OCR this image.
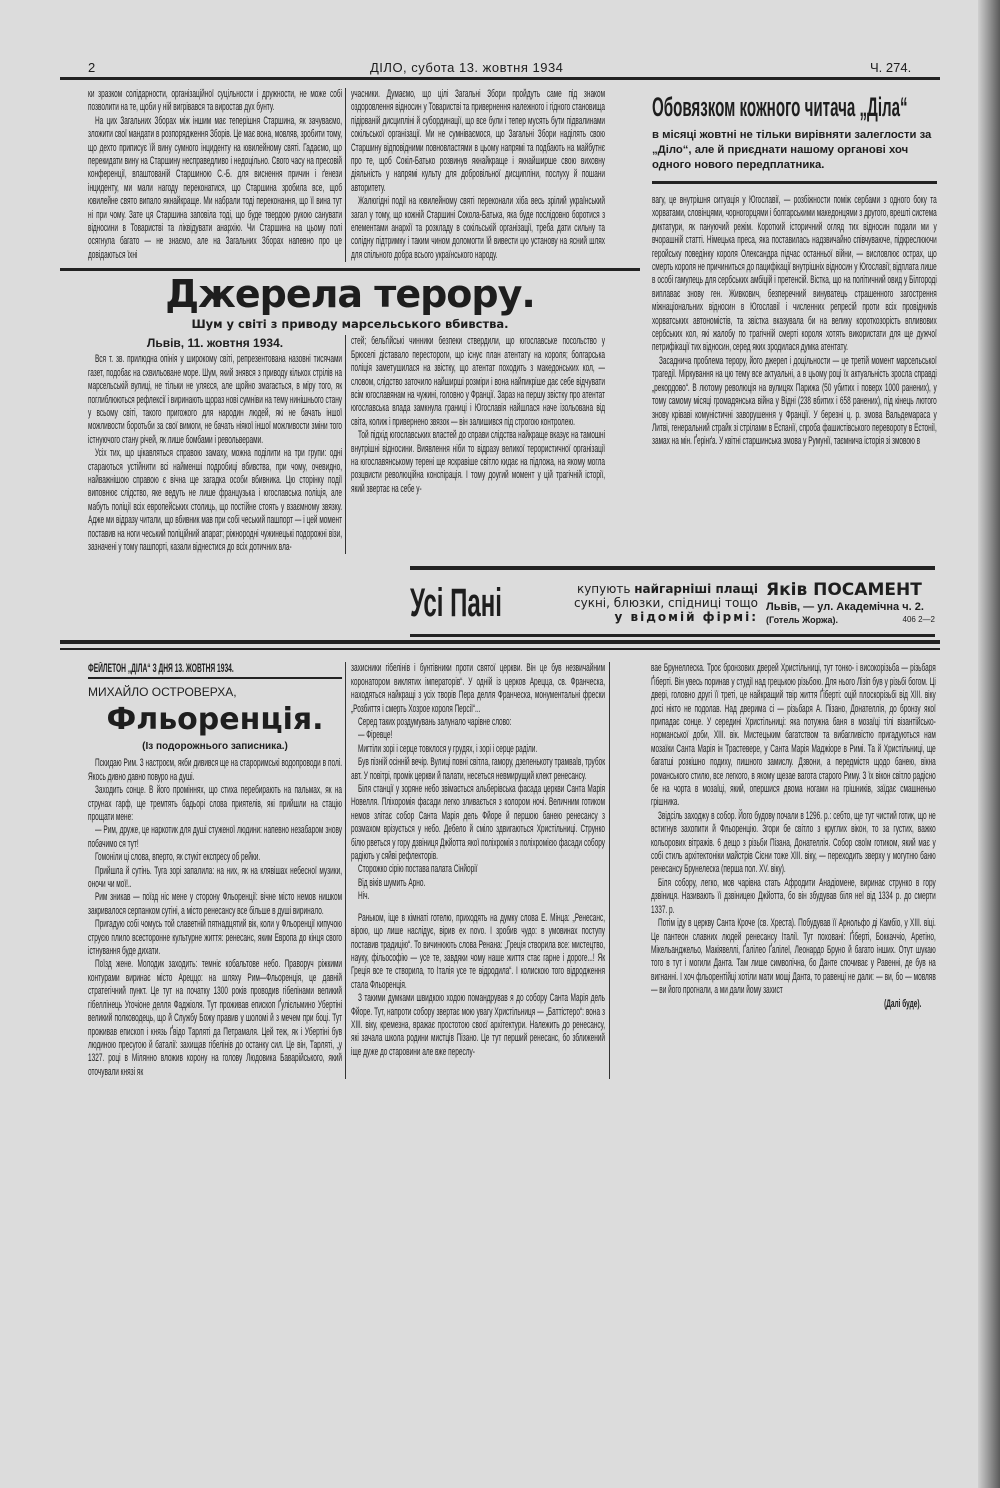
2	ДІЛО, субота 13. жовтня 1934	Ч. 274.

ки зразком солідарности, організаційної суцільности і дружности, не може собі позволити на те, щоби у ній вигрівався та виростав дух бунту.

На цих Загальних Зборах між іншим має теперішня Старшина, як зачуваємо, зложити свої мандати в розпорядження Зборів. Це має вона, мовляв, зробити тому, що дехто приписує їй вину сумного інциденту на ювилейному святі. Гадаємо, що перекидати вину на Старшину несправедливо і недоцільно. Свого часу на пресовій конференції, влаштованій Старшиною С.-Б. для виснення причин і ґенези інциденту, ми мали нагоду переконатися, що Старшина зробила все, щоб ювилейне свято випало якнайкраще. Ми набрали тоді переконання, що її вина тут ні при чому. Зате ця Старшина заповіла тоді, що буде твердою рукою санувати відносини в Товаристві та ліквідувати анархію. Чи Старшина на цьому полі осягнула багато — не знаємо, але на Загальних Зборах напевно про це довідаються їхні

учасники. Думаємо, що цілі Загальні Збори пройдуть саме під знаком оздоровлення відносин у Товаристві та привернення належного і гідного становища підірваній дисципліні й субординації, що все були і тепер мусять бути підвалинами сокільської організації. Ми не сумніваємося, що Загальні Збори наділять свою Старшину відповідними повновластями в цьому напрямі та подбають на майбутнє про те, щоб Сокіл-Батько розвинув якнайкраще і якнайширше свою виховну діяльність у напрямі культу для добровільної дисципліни, послуху й пошани авторитету.

Жалюгідні події на ювилейному святі переконали хіба весь зрілий український загал у тому, що кожній Старшині Сокола-Батька, яка буде послідовно боротися з елементами анархії та розкладу в сокільській організації, треба дати сильну та солідну підтримку і таким чином доломогти їй вивести цю установу на ясний шлях для спільного добра всього українського народу.

Джерела терору.
Шум у світі з приводу марсельського вбивства.
Львів, 11. жовтня 1934.

Вся т. зв. прилюдна опінія у широкому світі, репрезентована назовні тисячами газет, подобає на схвильоване море. Шум, який знявся з приводу кількох стрілів на марсельській вулиці, не тільки не уляєся, але щойно змагається, в міру того, як поглиблюються рефлексії і виринають щораз нові сумніви на тему нинішнього стану у всьому світі, такого пригожого для народин людей, які не бачать іншої можливости боротьби за свої вимоги, не бачать ніякої іншої можливости зміни того істнуючого стану річей, як лише бомбами і револьверами.

Усіх тих, що цікавляться справою замаху, можна поділити на три групи: одні стараються устійнити всі найменші подробиці вбивства, при чому, очевидно, найважнішою справою є вічна ще загадка особи вбивника. Цю сторінку події виповнює слідство, яке ведуть не лише французька і югославська поліція, але мабуть поліції всіх европейських столиць, що постійне стоять у взаємному звязку. Адже ми відразу читали, що вбивник мав при собі чеський пашпорт — і цей момент поставив на ноги чеський поліційний апарат; ріжнородні чужинецькі подорожні візи, зазначені у тому пашпорті, казали віднестися до всіх дотичних вла-

стей; бельґійські чинники безпеки ствердили, що югославське посольство у Брюселі діставало перестороги, що існує план атентату на короля; болгарська поліція заметушилася на звістку, що атентат походить з македонських кол, — словом, слідство заточило найширші розміри і вона найпикріше дає себе відчувати всім югославянам на чужині, головно у Франції. Зараз на першу звістку про атентат югославська влада замкнула границі і Югославія найшлася наче ізольована від світа, колиж і привернено звязок — він залишився під строгою контролею.

Той підхід югославських властей до справи слідства найкраще вказує на тамошні внутрішні відносини. Виявлення ніби то відразу великої терористичної організації на югославянському терені ще яскравіше світло кидає на підложа, на якому могла розцвисти революційна конспірація. І тому доугий момент у цій трагічній історії, який звертає на себе у-

Обовязком кожного читача „Діла“
в місяці жовтні не тільки вирівняти залеглости за „Діло“, але й приєднати нашому органові хоч одного нового передплатника.

вагу, це внутрішня ситуація у Югославії, — розбіжности поміж сербами з одного боку та хорватами, словінцями, чорногорцями і болгарськими македонцями з другого, врешті система диктатури, як пануючий режім. Короткий історичний огляд тих відносин подали ми у вчорашній статті. Німецька преса, яка поставилась надзвичайно співчуваюче, підкреслюючи геройську поведінку короля Олександра підчас останньої війни, — висловлює острах, що смерть короля не причиниться до пацифікації внутрішніх відносин у Югославії; відплата лише в особі гамулець для сербських амбіцій і претенсій. Вістка, що на політичний овид у Білгороді виплаває знову ген. Живкович, безперечний винуватець страшенного загострення міжнаціональних відносин в Югославії і численних репресій проти всіх провідників хорватських автономістів, та звістка вказувала би на велику короткозорість впливових сербських кол, які жалобу по трагічній смерті короля хотять використати для ще дужчої петрифікації тих відносин, серед яких зродилася думка атентату.

Засаднича проблема терору, його джерел і доцільности — це третій момент марсельської трагедії. Міркування на цю тему все актуальні, а в цьому році їх актуальність зросла справді „рекордово“. В лютому революція на вулицях Парижа (50 убитих і поверх 1000 ранених), у тому самому місяці громадянська війна у Відні (238 вбитих і 658 ранених), під кінець лютого знову кріваві комуністичні заворушення у Франції. У березні ц. р. змова Вальдемараса у Литві, генеральний страйк зі стрілами в Еспанії, спроба фашистівського перевороту в Естонії, замах на мін. Ґерінґа. У квітні старшинська змова у Румунії, таємнича історія зі змовою в

Усі Пані	купують найгарніші плащі
сукні, блюзки, спідниці тощо
у відомій фірмі:
Яків ПОСАМЕНТ
Львів, — ул. Академічна ч. 2.
(Готель Жоржа).	406 2—2
ФЕЙЛЕТОН „ДІЛА“ З ДНЯ 13. ЖОВТНЯ 1934.
МИХАЙЛО ОСТРОВЕРХА,
Фльоренція.
(Із подорожнього записника.)

Пскидаю Рим. З настроєм, якби дивився ще на староримські водопроводи в полі. Якось дивно давно повуро на душі.

Заходить сонце. В його проміннях, що стиха перебирають на пальмах, як на струнах гарф, ще тремтять бадьорі слова приятелів, які прийшли на стацію прощати мене:

— Рим, друже, це наркотик для душі стуженої людини: напевно незабаром знову побачимо ся тут!

Гомоніли ці слова, вперто, як стукіт експресу об рейки.

Прийшла й сутінь. Туга зорі запалила: на них, як на клявішах небесної музики, оночи чи мої!..

Рим зникав — поїзд ніс мене у сторону Фльоренції: вічне місто немов нишком закривалося серпанком сутіні, а місто ренесансу все більше в душі виринало.

Пригадую собі чомусь той славетній пятнадцятий вік, коли у Фльоренції кипучою струєю плило всесторонне культурне життя: ренесанс, яким Европа до кінця свого істнування буде дихати.

Поїзд жене. Молодик заходить: темніє кобальтове небо. Праворуч ріжкими контурами виринає місто Ареццо: на шляху Рим—Фльоренція, це давній стратегічний пункт. Це тут на початку 1300 років проводив гібелінами великий гібеллінець Угочіоне делля Фаджіоля. Тут проживав епископ Ґулієльмино Убертіні великий полководець, що й Службу Божу правив у шоломі й з мечем при боці. Тут проживав епископ і князь Ґвідо Тарляті да Петрамаля. Цей теж, як і Убертіні був людиною пресугою й баталії: захищав гібелінів до останку сил. Це він, Тарляті, „у 1327. році в Мілянно вложив корону на голову Людовика Баварійського, який оточували князі як

захисники гібелінів і бунтівники проти святої церкви. Він це був незвичайним коронатором виклятих імператорів“. У одній із церков Ареццa, св. Франческа, находяться найкращі з усіх творів Пера делля Франческа, монументальні фрески „Розбиття і смерть Хозрое короля Персії“...

Серед таких роздумувань залунало чарівне слово:

— Фіревце!

Мигтіли зорі і серце товклося у грудях, і зорі і серце раділи.

Був пізній осінній вечір. Вулиці повні світла, гамору, дзеленькоту трамваїв, трубок авт. У повітрі, промік церкви й палати, несеться невмирущий клект ренесансу.

Біля станції у зорянe небо звімається альберівська фасада церкви Санта Марія Новелля. Пліхоромія фасади легко зливається з колором ночі. Величним готиком немов злітає собор Санта Марія дель Фйоре й першою банею ренесансу з розмахом врізується у небо. Дебело й сміло здвигаються Хриcтільниці. Струнко білю рветься у гору дзвіниця Джйотта якої поліхромія з поліхромією фасади собору радіють у сяйві рефлекторів.

Сторожко сірію постава палата Сінйорії

Від віків шумить Арно.

Ніч.

Раньком, іще в кімнаті готелю, приходять на думку слова Е. Мінца: „Ренесанс, вірою, що лише наслідує, вірив ex novo. І зробив чудо: в умовинах поступу поставив традицію“. То вичинюють слова Ренана: „Греція створила все: мистецтво, науку, фільософію — усе те, завдяки чому наше життя стає гарне і дороге...! Як Греція все те створила, то Італія усе те відродила“. І колискою того відродження стала Фльоренція.

З такими думками швидкою ходою помандрував я до собору Санта Марія дель Фйоре. Тут, напроти собору звертає мою увагу Христільниця — „Баттістеро“: вона з XIII. віку, кремезна, вражає простотою своєї архітектури. Належить до ренесансу, які зачала школа родини мистців Пізано. Це тут перший ренесанс, бо зближений іще дуже до старовини але вже переслу-

вае Брунеллеска. Троє бронзових дверей Христільниці, тут тонко- і високорізьба — різьбаря Ґіберті. Він увесь поринав у студії над грецькою різьбою. Для нього Лізіп був у різьбі богом. Ці двері, головно другі її третi, це найкращий твір життя Ґіберті: оцій плоскорізьбі від XIII. віку досі нікто не подолав. Над дверима сі — різьбаря А. Пізано, Донателлія, до бронзу якої припадає сонце. У середині Христільниці: яка потужна баня в мозаїці тілі візантійсько-норманської доби, XIII. вік. Мистецьким багатством та вибагливістю пригадуються нам мозаїки Санта Марія ін Трастевере, у Санта Марія Маджіоре в Римі. Та й Христільниці, ще багатші розкішно подиху, пишного замислу. Дзвони, а передмістя щодо банею, вікна романського стилю, все легкого, в якому щезае вагота старого Риму. З їх вікон світло радісно бе на чорта в мозаїці, який, опершися двома ногами на грішників, заїдає смашненью грішника.

Звідсіль заходжу в собор. Його будову почали в 1296. р.: себто, ще тут чистий готик, що не встигнув захопити й Фльоренцію. Згори бе світло з круглих вікон, то за густих, важко кольорових вітражів. 6 дещо з різьби Пізана, Донателлія. Собор своїм готиком, який має у собі стиль архітектоніки майстрів Сієни тоже XIII. віку, — переходить зверху у могутню баню ренесансу Брунелеска (перша пол. XV. віку).

Біля собору, легко, мов чарівна стать Афродити Анадіомене, виринає струнко в гору дзвіниця. Називають її дзвіницею Джйотта, бо він збудував біля неї від 1334 р. до смерти 1337. р.

Потім іду в церкву Санта Кроче (св. Хреста). Побудував її Арнольфо ді Камбіо, у XIII. віці. Це пантеон славних людей ренесансу Італії. Тут поховані: Ґіберті, Боккаччіо, Аретіно, Мікельанджельо, Макіявеллі, Ґалілео Ґалілеї, Леонардо Бруно й багато інших. Отут шукаю того в тут і могили Данта. Там лише символічна, бо Данте спочиває у Равенні, де був на вигнанні. І хоч фльорентійці хотіли мати мощі Данта, то равенці не дали: — ви, бо — мовляв — ви його прогнали, а ми дали йому захист

(Далі буде).
